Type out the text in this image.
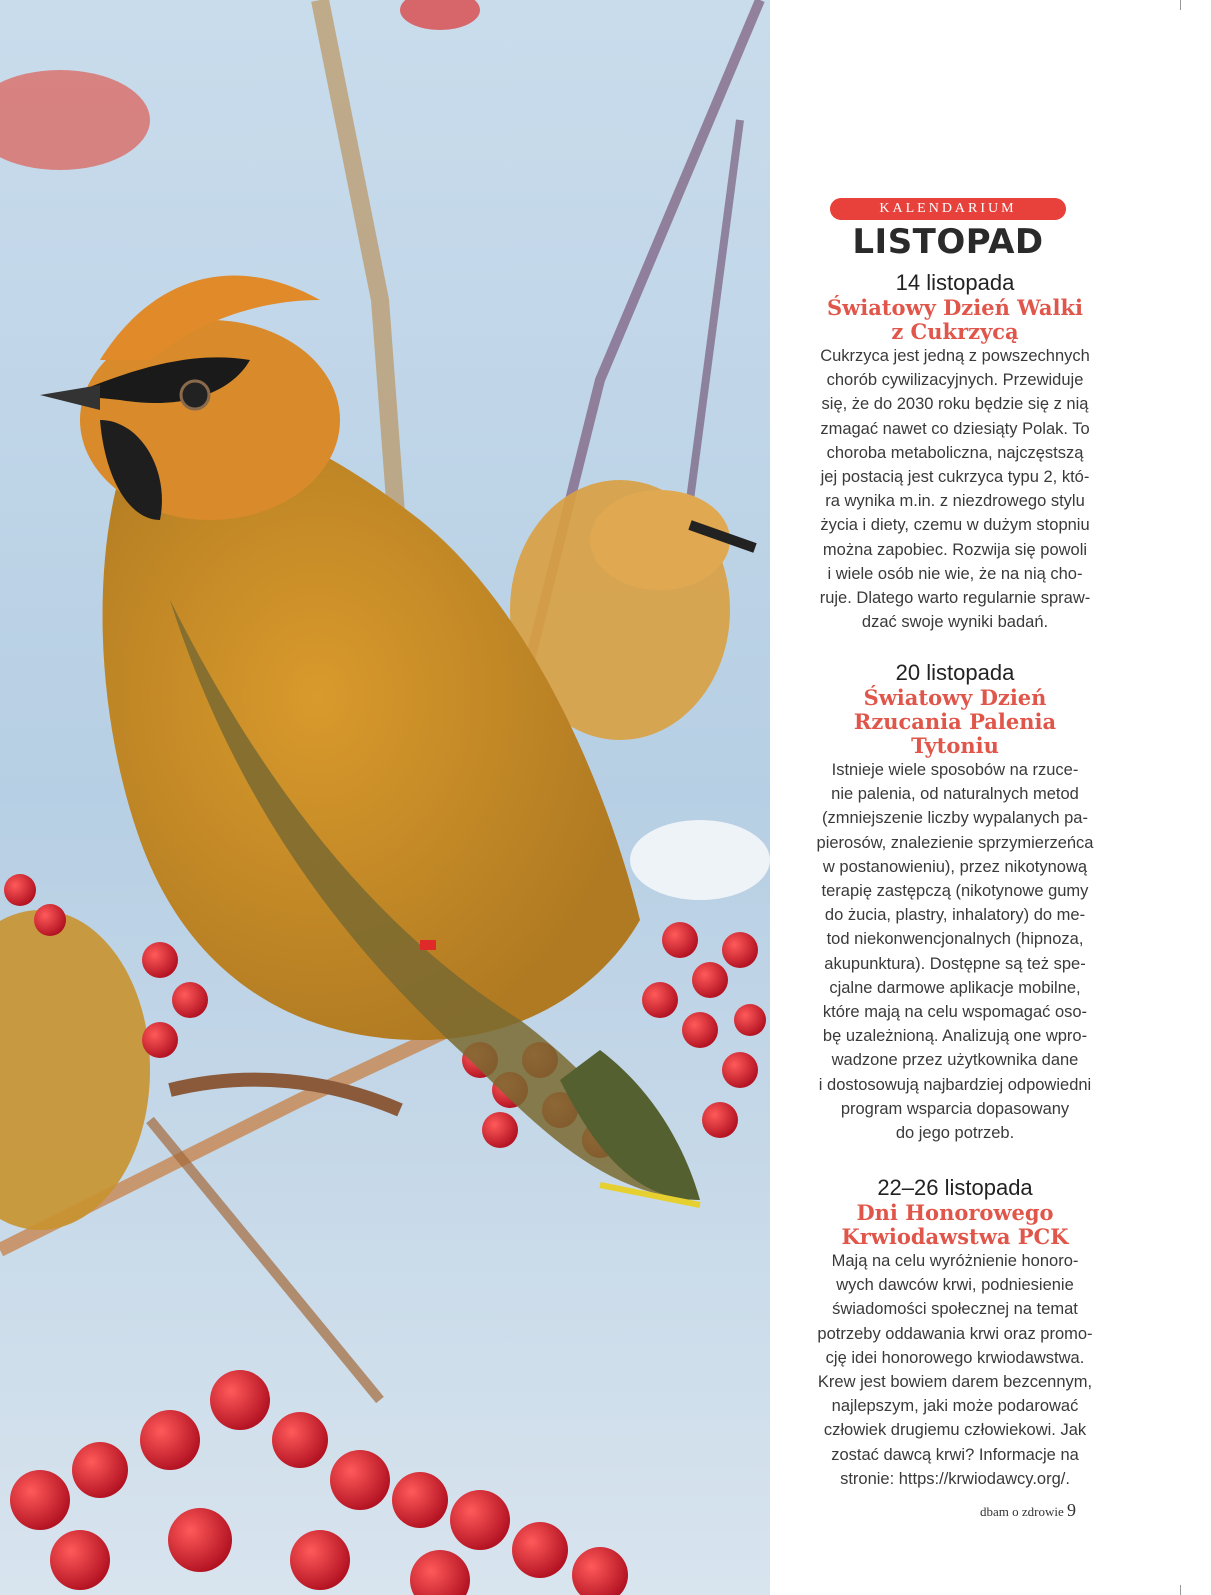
KALENDARIUM
LISTOPAD
14 listopada
Światowy Dzień Walki
z Cukrzycą
Cukrzyca jest jedną z powszechnych
chorób cywilizacyjnych. Przewiduje
się, że do 2030 roku będzie się z nią
zmagać nawet co dziesiąty Polak. To
choroba metaboliczna, najczęstszą
jej postacią jest cukrzyca typu 2, któ-
ra wynika m.in. z niezdrowego stylu
życia i diety, czemu w dużym stopniu
można zapobiec. Rozwija się powoli
i wiele osób nie wie, że na nią cho-
ruje. Dlatego warto regularnie spraw-
dzać swoje wyniki badań.
20 listopada
Światowy Dzień
Rzucania Palenia
Tytoniu
Istnieje wiele sposobów na rzuce-
nie palenia, od naturalnych metod
(zmniejszenie liczby wypalanych pa-
pierosów, znalezienie sprzymierzeńca
w postanowieniu), przez nikotynową
terapię zastępczą (nikotynowe gumy
do żucia, plastry, inhalatory) do me-
tod niekonwencjonalnych (hipnoza,
akupunktura). Dostępne są też spe-
cjalne darmowe aplikacje mobilne,
które mają na celu wspomagać oso-
bę uzależnioną. Analizują one wpro-
wadzone przez użytkownika dane
i dostosowują najbardziej odpowiedni
program wsparcia dopasowany
do jego potrzeb.
22–26 listopada
Dni Honorowego
Krwiodawstwa PCK
Mają na celu wyróżnienie honoro-
wych dawców krwi, podniesienie
świadomości społecznej na temat
potrzeby oddawania krwi oraz promo-
cję idei honorowego krwiodawstwa.
Krew jest bowiem darem bezcennym,
najlepszym, jaki może podarować
człowiek drugiemu człowiekowi. Jak
zostać dawcą krwi? Informacje na
stronie: https://krwiodawcy.org/.
dbam o zdrowie 9
